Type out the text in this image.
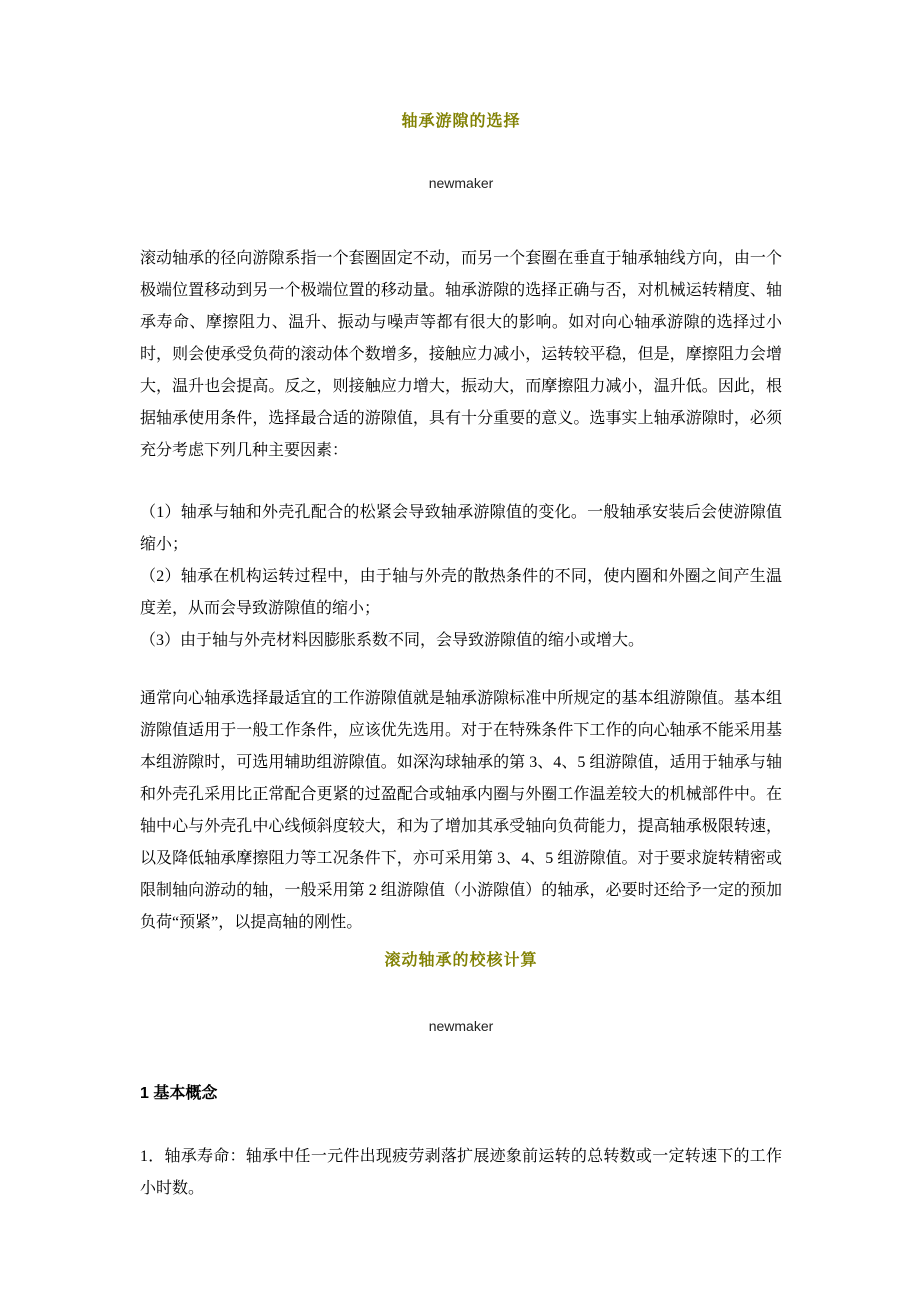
轴承游隙的选择

newmaker

滚动轴承的径向游隙系指一个套圈固定不动，而另一个套圈在垂直于轴承轴线方向，由一个极端位置移动到另一个极端位置的移动量。轴承游隙的选择正确与否，对机械运转精度、轴承寿命、摩擦阻力、温升、振动与噪声等都有很大的影响。如对向心轴承游隙的选择过小时，则会使承受负荷的滚动体个数增多，接触应力减小，运转较平稳，但是，摩擦阻力会增大，温升也会提高。反之，则接触应力增大，振动大，而摩擦阻力减小，温升低。因此，根据轴承使用条件，选择最合适的游隙值，具有十分重要的意义。选事实上轴承游隙时，必须充分考虑下列几种主要因素：

（1）轴承与轴和外壳孔配合的松紧会导致轴承游隙值的变化。一般轴承安装后会使游隙值缩小；

（2）轴承在机构运转过程中，由于轴与外壳的散热条件的不同，使内圈和外圈之间产生温度差，从而会导致游隙值的缩小；

（3）由于轴与外壳材料因膨胀系数不同，会导致游隙值的缩小或增大。

通常向心轴承选择最适宜的工作游隙值就是轴承游隙标准中所规定的基本组游隙值。基本组游隙值适用于一般工作条件，应该优先选用。对于在特殊条件下工作的向心轴承不能采用基本组游隙时，可选用辅助组游隙值。如深沟球轴承的第 3、4、5 组游隙值，适用于轴承与轴和外壳孔采用比正常配合更紧的过盈配合或轴承内圈与外圈工作温差较大的机械部件中。在轴中心与外壳孔中心线倾斜度较大，和为了增加其承受轴向负荷能力，提高轴承极限转速，以及降低轴承摩擦阻力等工况条件下，亦可采用第 3、4、5 组游隙值。对于要求旋转精密或限制轴向游动的轴，一般采用第 2 组游隙值（小游隙值）的轴承，必要时还给予一定的预加负荷“预紧”，以提高轴的刚性。

滚动轴承的校核计算

newmaker

1 基本概念

1．轴承寿命：轴承中任一元件出现疲劳剥落扩展迹象前运转的总转数或一定转速下的工作小时数。
